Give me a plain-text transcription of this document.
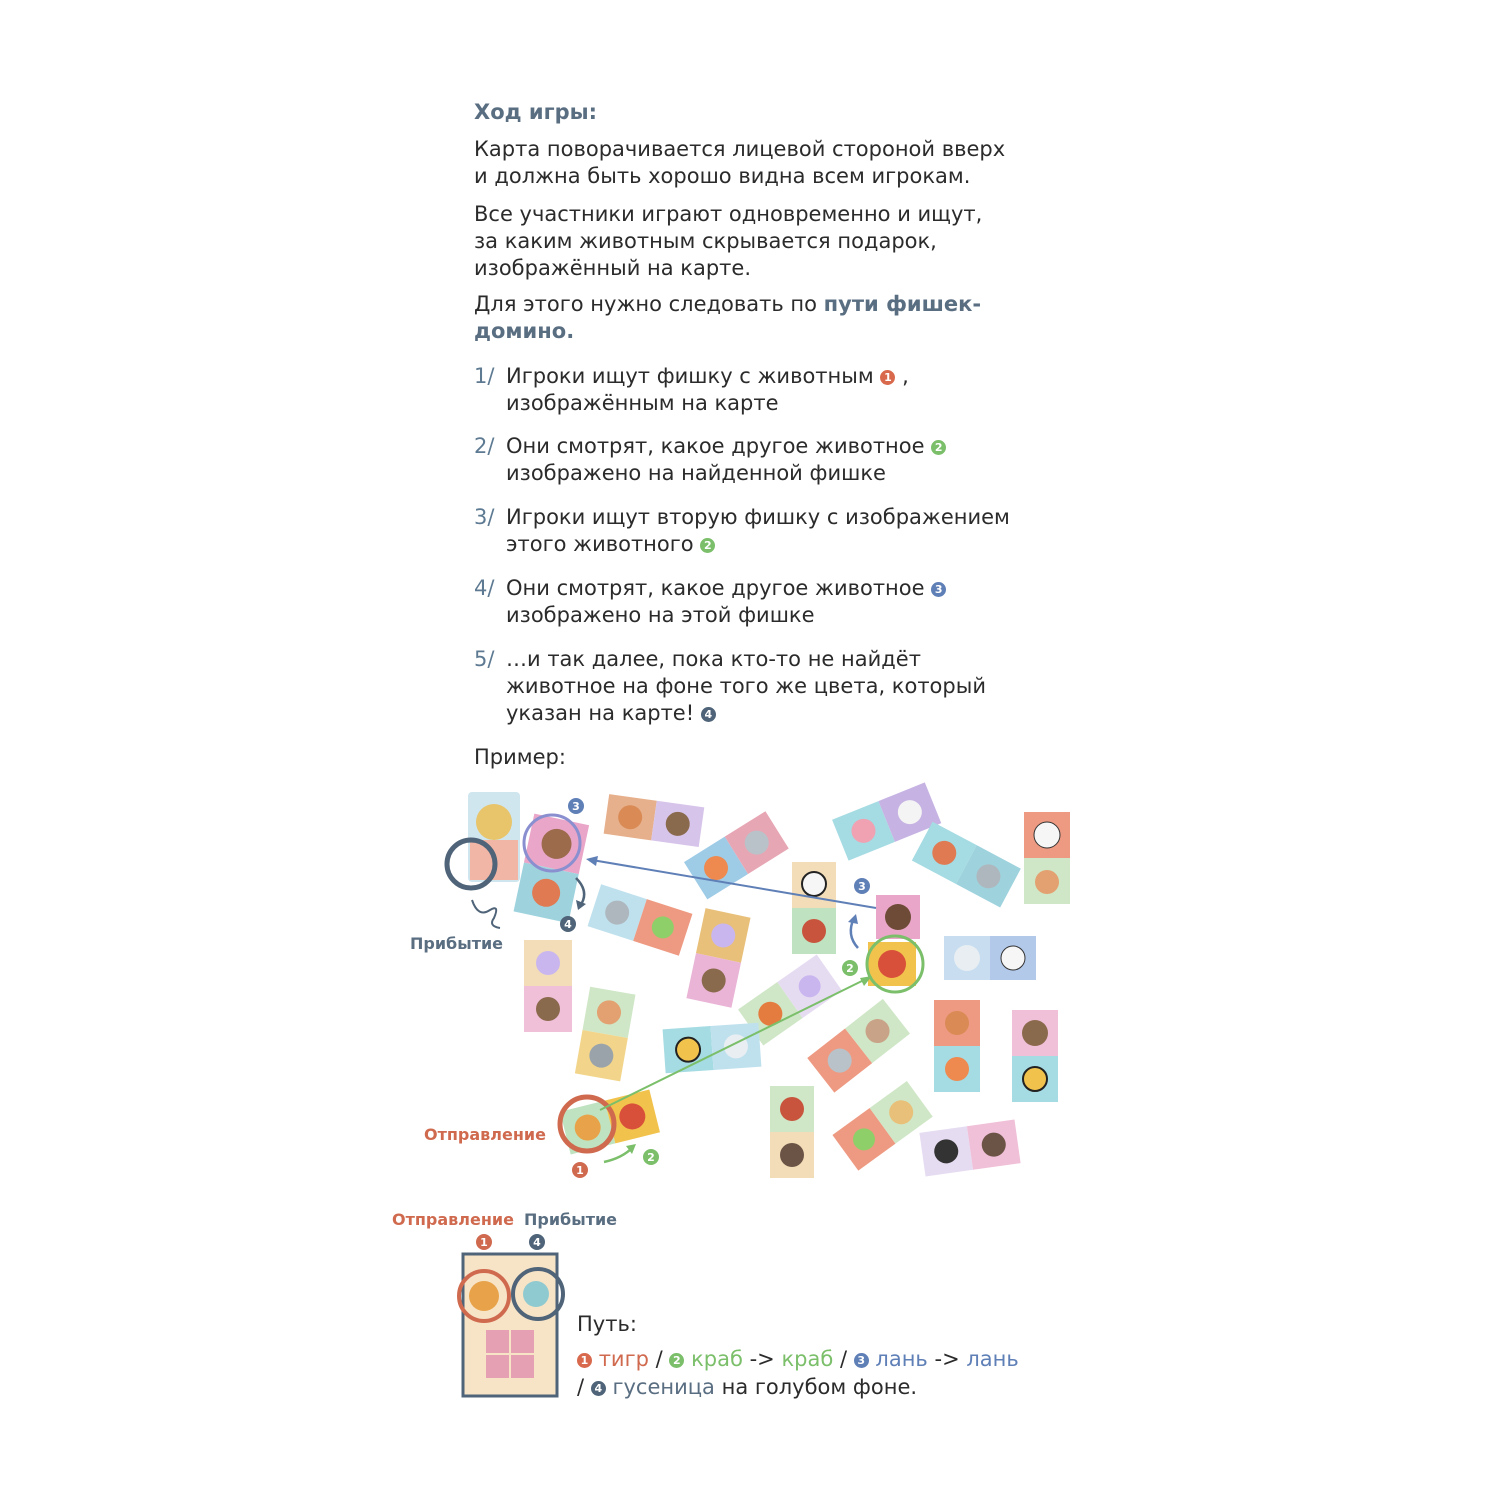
Ход игры:
Карта поворачивается лицевой стороной вверх
и должна быть хорошо видна всем игрокам.
Все участники играют одновременно и ищут,
за каким животным скрывается подарок,
изображённый на карте.
Для этого нужно следовать по пути фишек-
домино.
1/ Игроки ищут фишку с животным 1 ,
изображённым на карте
2/ Они смотрят, какое другое животное 2
изображено на найденной фишке
3/ Игроки ищут вторую фишку с изображением
этого животного 2
4/ Они смотрят, какое другое животное 3
изображено на этой фишке
5/ …и так далее, пока кто-то не найдёт
животное на фоне того же цвета, который
указан на карте! 4
Пример:
3
4
3
2
1
2
1	4
Прибытие
Отправление
Отправление Прибытие
Путь:
1 тигр / 2 краб -> краб / 3 лань -> лань
/ 4 гусеница на голубом фоне.
